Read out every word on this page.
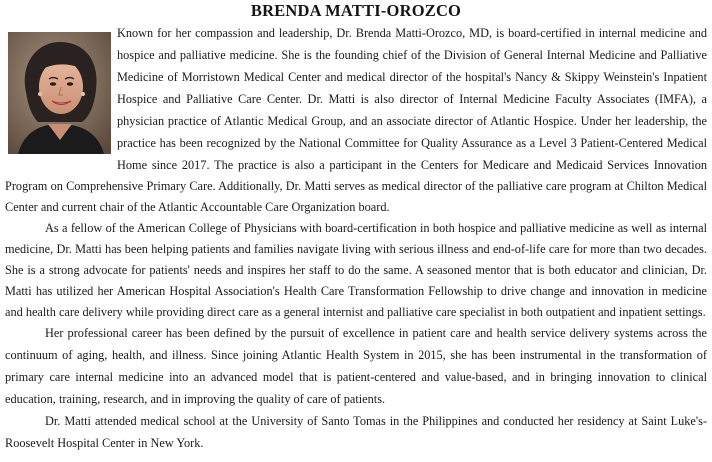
BRENDA MATTI-OROZCO
Known for her compassion and leadership, Dr. Brenda Matti-Orozco, MD, is board-certified in internal medicine and
hospice and palliative medicine. She is the founding chief of the Division of General Internal Medicine and Palliative
Medicine of Morristown Medical Center and medical director of the hospital's Nancy & Skippy Weinstein's Inpatient
Hospice and Palliative Care Center. Dr. Matti is also director of Internal Medicine Faculty Associates (IMFA), a
physician practice of Atlantic Medical Group, and an associate director of Atlantic Hospice. Under her leadership, the
practice has been recognized by the National Committee for Quality Assurance as a Level 3 Patient-Centered Medical
Home since 2017. The practice is also a participant in the Centers for Medicare and Medicaid Services Innovation
Program on Comprehensive Primary Care. Additionally, Dr. Matti serves as medical director of the palliative care program at Chilton Medical
Center and current chair of the Atlantic Accountable Care Organization board.
As a fellow of the American College of Physicians with board-certification in both hospice and palliative medicine as well as internal
medicine, Dr. Matti has been helping patients and families navigate living with serious illness and end-of-life care for more than two decades.
She is a strong advocate for patients' needs and inspires her staff to do the same. A seasoned mentor that is both educator and clinician, Dr.
Matti has utilized her American Hospital Association's Health Care Transformation Fellowship to drive change and innovation in medicine
and health care delivery while providing direct care as a general internist and palliative care specialist in both outpatient and inpatient settings.
Her professional career has been defined by the pursuit of excellence in patient care and health service delivery systems across the
continuum of aging, health, and illness. Since joining Atlantic Health System in 2015, she has been instrumental in the transformation of
primary care internal medicine into an advanced model that is patient-centered and value-based, and in bringing innovation to clinical
education, training, research, and in improving the quality of care of patients.
Dr. Matti attended medical school at the University of Santo Tomas in the Philippines and conducted her residency at Saint Luke's-
Roosevelt Hospital Center in New York.
